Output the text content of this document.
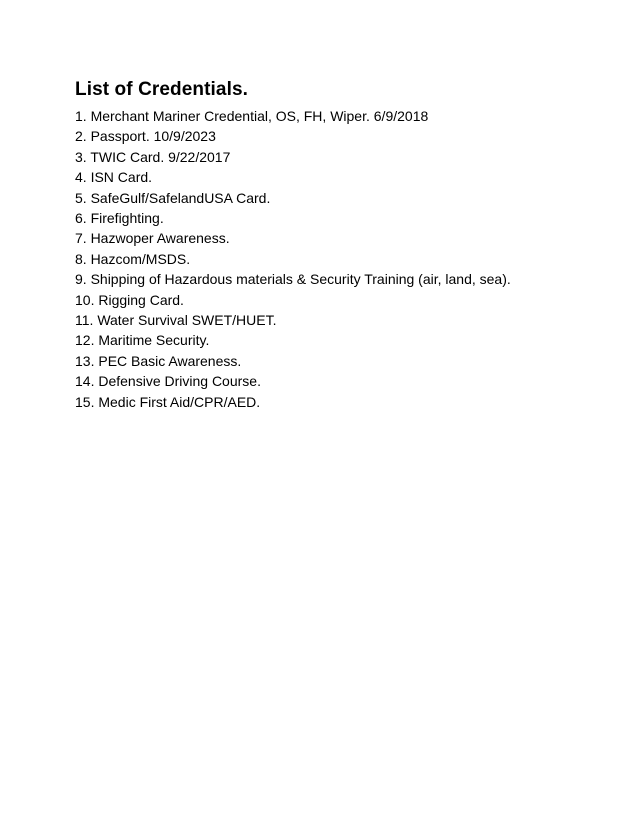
List of Credentials.
1. Merchant Mariner Credential, OS, FH, Wiper. 6/9/2018
2. Passport. 10/9/2023
3. TWIC Card. 9/22/2017
4. ISN Card.
5. SafeGulf/SafelandUSA Card.
6. Firefighting.
7. Hazwoper Awareness.
8. Hazcom/MSDS.
9. Shipping of Hazardous materials & Security Training (air, land, sea).
10. Rigging Card.
11. Water Survival SWET/HUET.
12. Maritime Security.
13. PEC Basic Awareness.
14. Defensive Driving Course.
15. Medic First Aid/CPR/AED.
